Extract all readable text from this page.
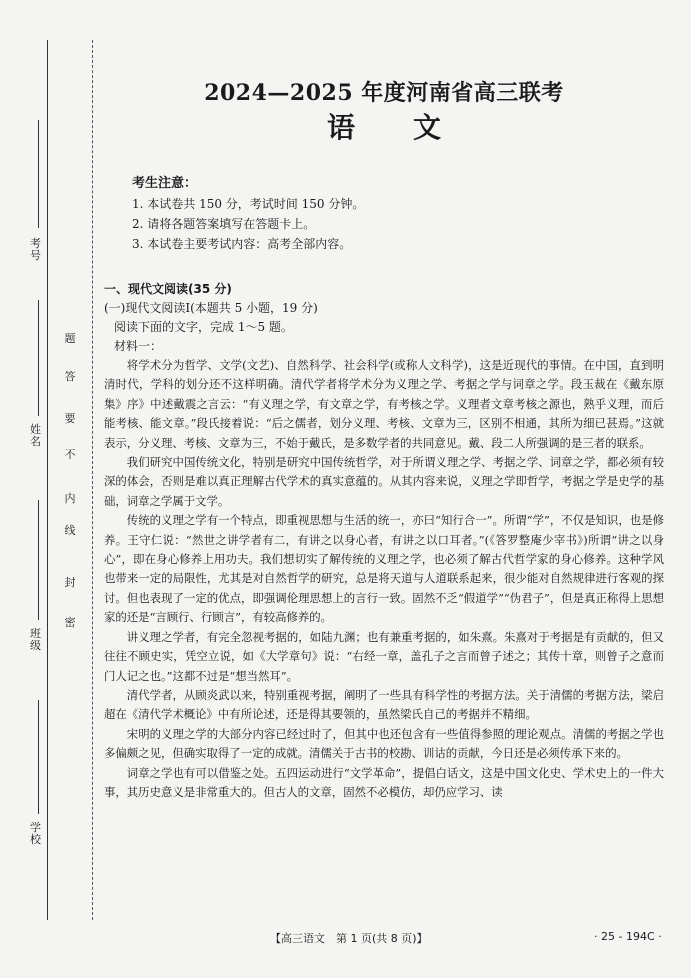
考号
姓名
班级
学校
密
封
线
内
不
要
答
题
2024—2025 年度河南省高三联考
语 文
考生注意：

1. 本试卷共 150 分，考试时间 150 分钟。

2. 请将各题答案填写在答题卡上。

3. 本试卷主要考试内容：高考全部内容。

一、现代文阅读(35 分)
(一)现代文阅读Ⅰ(本题共 5 小题，19 分)
阅读下面的文字，完成 1～5 题。
材料一：

将学术分为哲学、文学(文艺)、自然科学、社会科学(或称人文科学)，这是近现代的事情。在中国，直到明清时代，学科的划分还不这样明确。清代学者将学术分为义理之学、考据之学与词章之学。段玉裁在《戴东原集》序》中述戴震之言云：“有义理之学，有文章之学，有考核之学。义理者文章考核之源也，熟乎义理，而后能考核、能文章。”段氏接着说：“后之儒者，划分义理、考核、文章为三，区别不相通，其所为细已甚焉。”这就表示，分义理、考核、文章为三，不始于戴氏，是多数学者的共同意见。戴、段二人所强调的是三者的联系。

我们研究中国传统文化，特别是研究中国传统哲学，对于所谓义理之学、考据之学、词章之学，都必须有较深的体会，否则是难以真正理解古代学术的真实意蕴的。从其内容来说，义理之学即哲学，考据之学是史学的基础，词章之学属于文学。

传统的义理之学有一个特点，即重视思想与生活的统一，亦曰“知行合一”。所谓“学”，不仅是知识，也是修养。王守仁说：“然世之讲学者有二，有讲之以身心者，有讲之以口耳者。”(《答罗整庵少宰书》)所谓“讲之以身心”，即在身心修养上用功夫。我们想切实了解传统的义理之学，也必须了解古代哲学家的身心修养。这种学风也带来一定的局限性，尤其是对自然哲学的研究，总是将天道与人道联系起来，很少能对自然规律进行客观的探讨。但也表现了一定的优点，即强调伦理思想上的言行一致。固然不乏“假道学”“伪君子”，但是真正称得上思想家的还是“言顾行、行顾言”，有较高修养的。

讲义理之学者，有完全忽视考据的，如陆九渊；也有兼重考据的，如朱熹。朱熹对于考据是有贡献的，但又往往不顾史实，凭空立说，如《大学章句》说：“右经一章，盖孔子之言而曾子述之；其传十章，则曾子之意而门人记之也。”这都不过是“想当然耳”。

清代学者，从顾炎武以来，特别重视考据，阐明了一些具有科学性的考据方法。关于清儒的考据方法，梁启超在《清代学术概论》中有所论述，还是得其要领的，虽然梁氏自己的考据并不精细。

宋明的义理之学的大部分内容已经过时了，但其中也还包含有一些值得参照的理论观点。清儒的考据之学也多偏颇之见，但确实取得了一定的成就。清儒关于古书的校勘、训诂的贡献，今日还是必须传承下来的。

词章之学也有可以借鉴之处。五四运动进行“文学革命”，提倡白话文，这是中国文化史、学术史上的一件大事，其历史意义是非常重大的。但古人的文章，固然不必模仿，却仍应学习、读

【高三语文　第 1 页(共 8 页)】	· 25 - 194C ·
